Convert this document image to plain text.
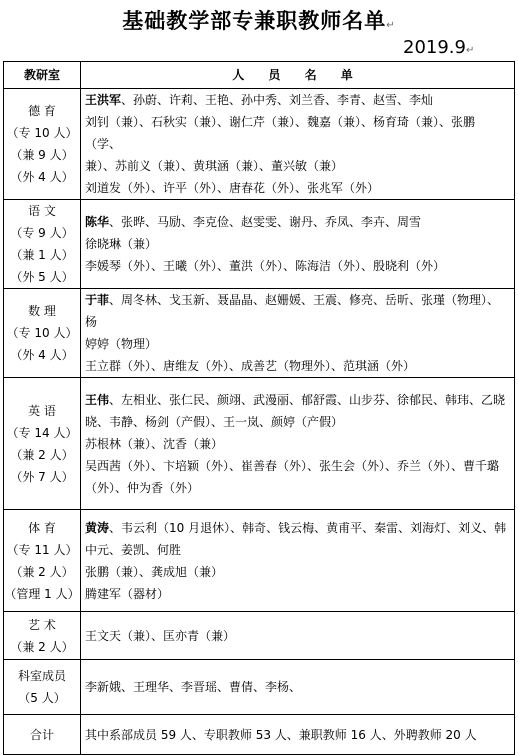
基础教学部专兼职教师名单↵
2019.9↵
教研室	人 员 名 单

德 育
（专 10 人）
（兼 9 人）
（外 4 人）	王洪军、孙蔚、许莉、王艳、孙中秀、刘兰香、李青、赵雪、李灿
刘钊（兼）、石秋实（兼）、谢仁芹（兼）、魏嘉（兼）、杨育琦（兼）、张鹏（学、
兼）、苏前义（兼）、黄琪涵（兼）、董兴敏（兼）
刘道发（外）、许平（外）、唐春花（外）、张兆军（外）

语 文
（专 9 人）
（兼 1 人）
（外 5 人）	陈华、张晔、马励、李克俭、赵雯雯、谢丹、乔凤、李卉、周雪
徐晓琳（兼）
李媛琴（外）、王曦（外）、董洪（外）、陈海洁（外）、殷晓利（外）

数 理
（专 10 人）
（外 4 人）	于菲、周冬林、戈玉新、聂晶晶、赵姗媛、王震、修亮、岳昕、张瑾（物理）、杨
婷婷（物理）
王立群（外）、唐维友（外）、成善艺（物理外）、范琪涵（外）

英 语
（专 14 人）
（兼 2 人）
（外 7 人）	王伟、左相业、张仁民、颜翊、武漫丽、郁舒霞、山步芬、徐郁民、韩玮、乙晓
晓、韦静、杨剑（产假）、王一岚、颜婷（产假）
苏根林（兼）、沈香（兼）
吴西茜（外）、卞培颖（外）、崔善春（外）、张生会（外）、乔兰（外）、曹千璐
（外）、仲为香（外）

体 育
（专 11 人）
（兼 2 人）
（管理 1 人）	黄涛、韦云利（10 月退休）、韩奇、钱云梅、黄甫平、秦雷、刘海灯、刘义、韩
中元、姜凯、何胜
张鹏（兼）、龚成旭（兼）
腾建军（器材）

艺 术
（兼 2 人）	王文天（兼）、匡亦青（兼）

科室成员
（5 人）	李新娥、王理华、李晋瑶、曹倩、李杨、

合计	其中系部成员 59 人、专职教师 53 人、兼职教师 16 人、外聘教师 20 人
